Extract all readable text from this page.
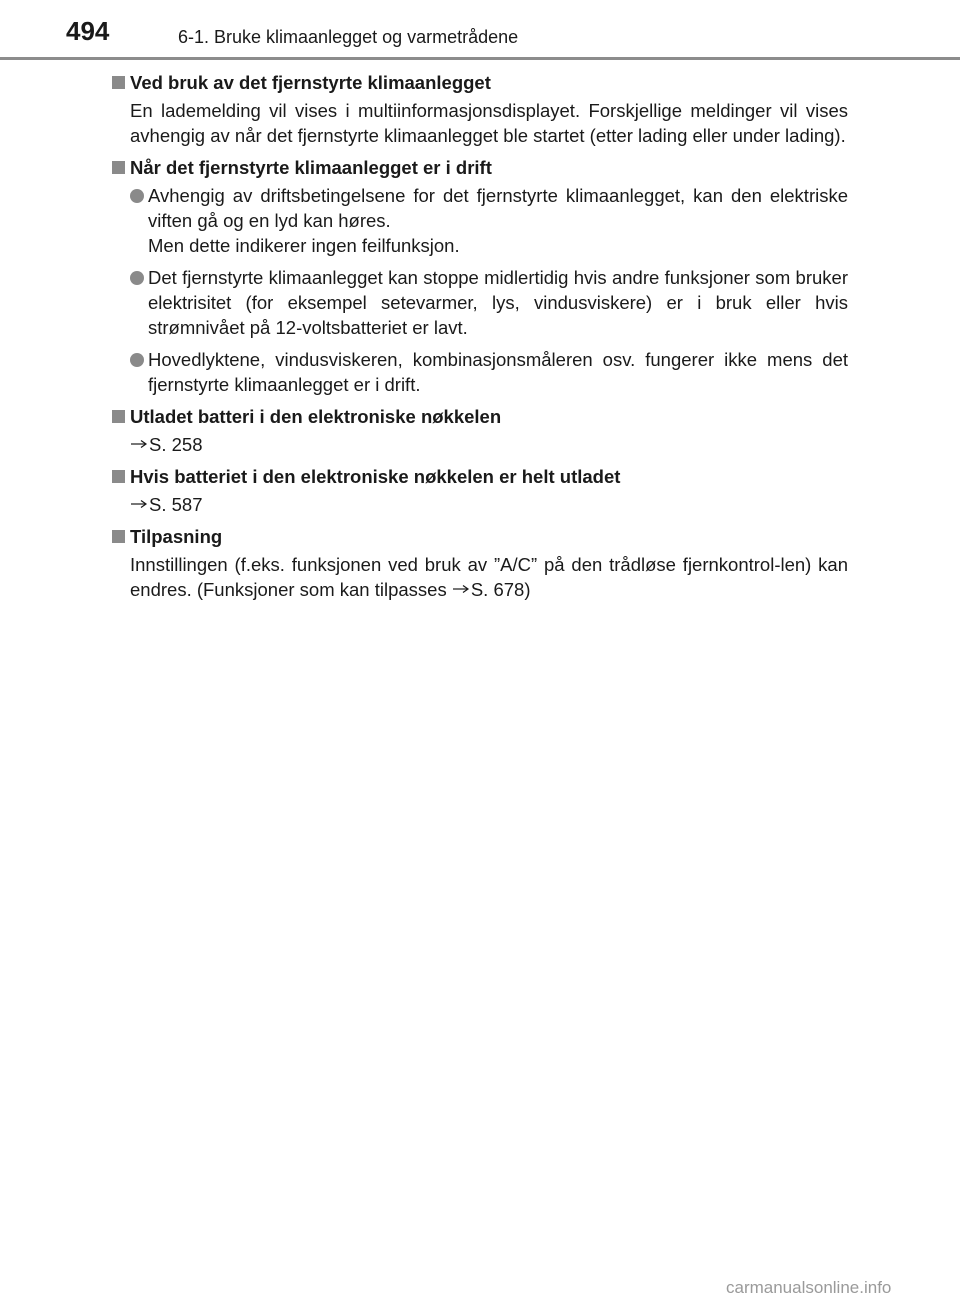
494	6-1. Bruke klimaanlegget og varmetrådene
Ved bruk av det fjernstyrte klimaanlegget

En lademelding vil vises i multiinformasjonsdisplayet. Forskjellige meldinger vil vises avhengig av når det fjernstyrte klimaanlegget ble startet (etter lading eller under lading).

Når det fjernstyrte klimaanlegget er i drift
Avhengig av driftsbetingelsene for det fjernstyrte klimaanlegget, kan den elektriske viften gå og en lyd kan høres.
Men dette indikerer ingen feilfunksjon.
Det fjernstyrte klimaanlegget kan stoppe midlertidig hvis andre funksjoner som bruker elektrisitet (for eksempel setevarmer, lys, vindusviskere) er i bruk eller hvis strømnivået på 12-voltsbatteriet er lavt.
Hovedlyktene, vindusviskeren, kombinasjonsmåleren osv. fungerer ikke mens det fjernstyrte klimaanlegget er i drift.
Utladet batteri i den elektroniske nøkkelen
S. 258
Hvis batteriet i den elektroniske nøkkelen er helt utladet
S. 587
Tilpasning

Innstillingen (f.eks. funksjonen ved bruk av ”A/C” på den trådløse fjernkontrol-len) kan endres. (Funksjoner som kan tilpasses S. 678)

carmanualsonline.info
